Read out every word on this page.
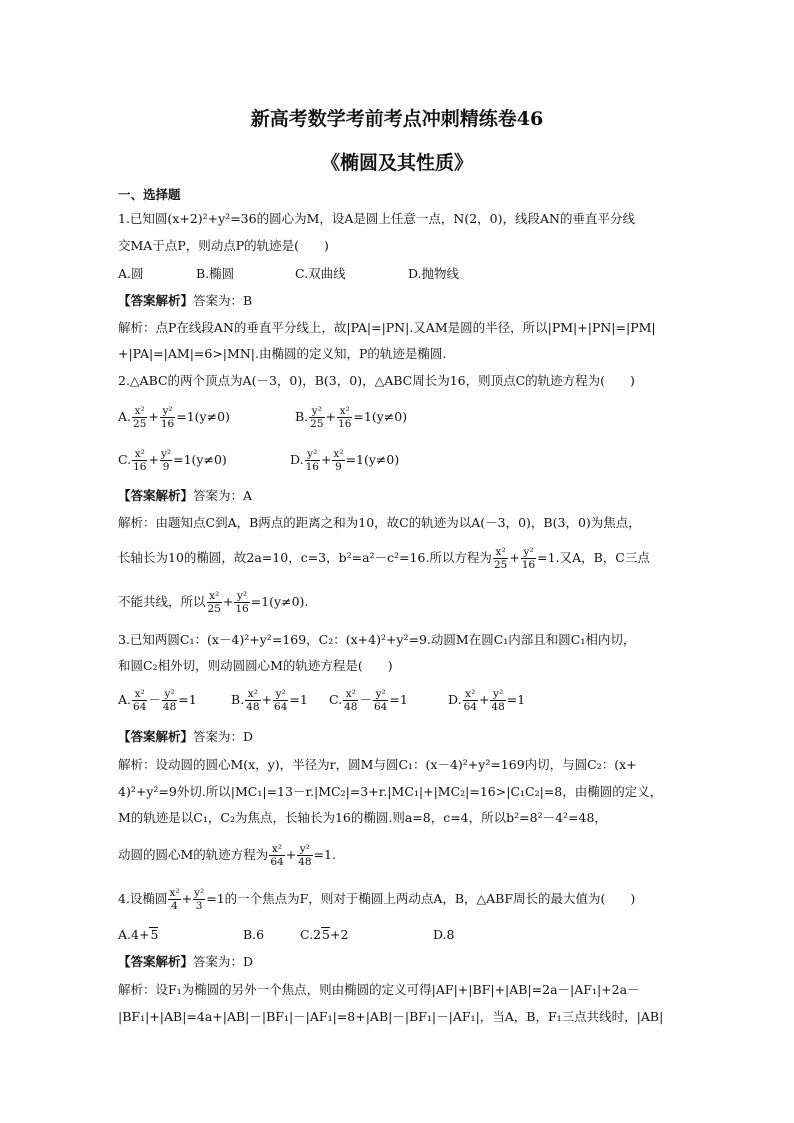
新高考数学考前考点冲刺精练卷46
《椭圆及其性质》
一、选择题
1.已知圆(x+2)²+y²=36的圆心为M，设A是圆上任意一点，N(2，0)，线段AN的垂直平分线
交MA于点P，则动点P的轨迹是(　　)
A.圆	B.椭圆	C.双曲线	D.抛物线
【答案解析】答案为：B
解析：点P在线段AN的垂直平分线上，故|PA|=|PN|.又AM是圆的半径，所以|PM|+|PN|=|PM|
+|PA|=|AM|=6>|MN|.由椭圆的定义知，P的轨迹是椭圆.
2.△ABC的两个顶点为A(－3，0)，B(3，0)，△ABC周长为16，则顶点C的轨迹方程为(　　)
A. $\frac{\text{x²}}{25} + \frac{\text{y²}}{16} =1(y\ne 0)$	B. $\frac{\text{y²}}{25} + \frac{\text{x²}}{16} =1(y\ne 0)$
C. $\frac{\text{x²}}{16} + \frac{\text{y²}}{9} =1(y\ne 0)$	D. $\frac{\text{y²}}{16} + \frac{\text{x²}}{9} =1(y\ne 0)$
【答案解析】答案为：A
解析：由题知点C到A，B两点的距离之和为10，故C的轨迹为以A(－3，0)，B(3，0)为焦点，
长轴长为10的椭圆，故2a=10，c=3，b²=a²－c²=16.所以方程为 $\frac{\text{x²}}{25} + \frac{\text{y²}}{16} =1$.又A，B，C三点
不能共线，所以 $\frac{\text{x²}}{25} + \frac{\text{y²}}{16} =1(y\ne 0)$.
3.已知两圆C₁：(x－4)²+y²=169，C₂：(x+4)²+y²=9.动圆M在圆C₁内部且和圆C₁相内切，
和圆C₂相外切，则动圆圆心M的轨迹方程是(　　)
A. $\frac{\text{x²}}{64} - \frac{\text{y²}}{48} =1$	B. $\frac{\text{x²}}{48} + \frac{\text{y²}}{64} =1$ C. $\frac{\text{x²}}{48} - \frac{\text{y²}}{64} =1$	D. $\frac{\text{x²}}{64} + \frac{\text{y²}}{48} =1$
【答案解析】答案为：D
解析：设动圆的圆心M(x，y)，半径为r，圆M与圆C₁：(x－4)²+y²=169内切，与圆C₂：(x+
4)²+y²=9外切.所以|MC₁|=13－r.|MC₂|=3+r.|MC₁|+|MC₂|=16>|C₁C₂|=8，由椭圆的定义，
M的轨迹是以C₁，C₂为焦点，长轴长为16的椭圆.则a=8，c=4，所以b²=8²－4²=48，
动圆的圆心M的轨迹方程为 $\frac{\text{x²}}{64} + \frac{\text{y²}}{48} =1$.
4.设椭圆 $\frac{\text{x²}}{4} + \frac{\text{y²}}{3} =1$的一个焦点为F，则对于椭圆上两动点A，B，△ABF周长的最大值为(　　)
A.4+5	B.6	C.25+2	D.8
【答案解析】答案为：D
解析：设F₁为椭圆的另外一个焦点，则由椭圆的定义可得|AF|+|BF|+|AB|=2a－|AF₁|+2a－
|BF₁|+|AB|=4a+|AB|－|BF₁|－|AF₁|=8+|AB|－|BF₁|－|AF₁|，当A，B，F₁三点共线时，|AB|
